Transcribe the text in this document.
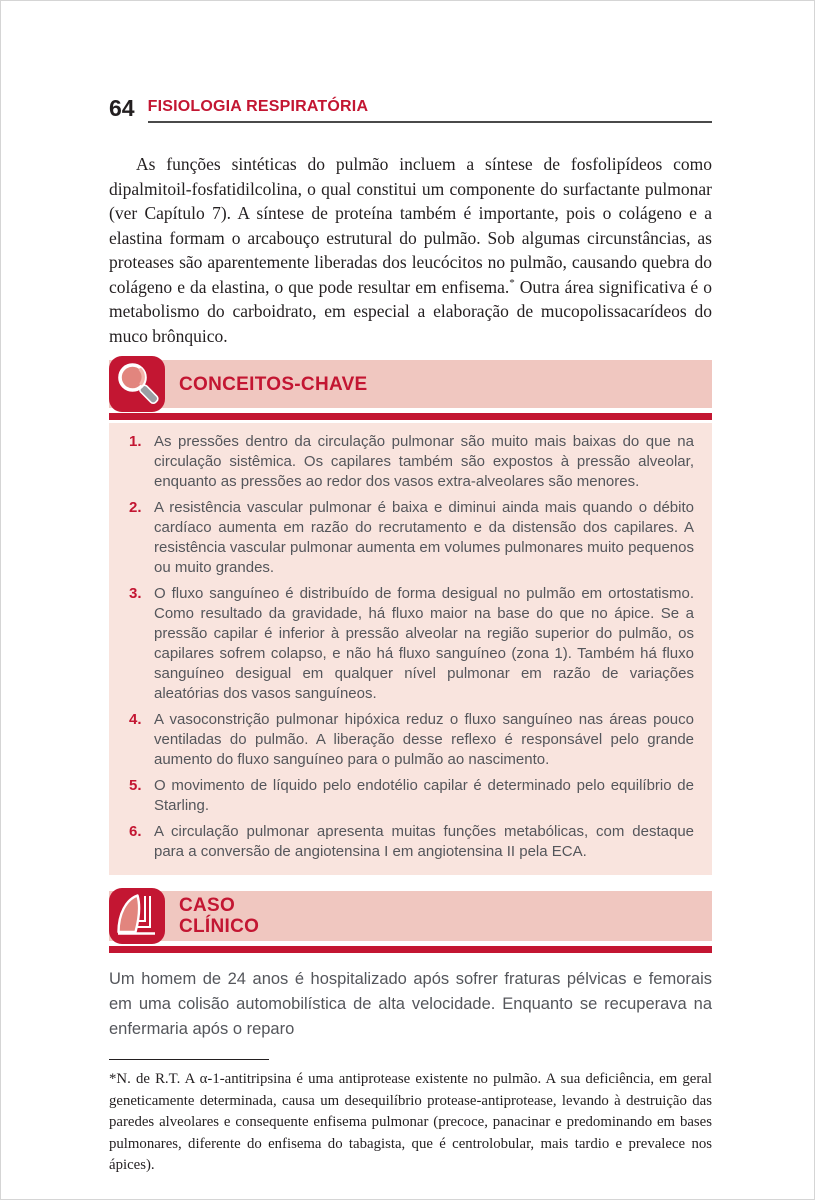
64 FISIOLOGIA RESPIRATÓRIA

As funções sintéticas do pulmão incluem a síntese de fosfolipídeos como dipalmitoil-fosfatidilcolina, o qual constitui um componente do surfactante pulmonar (ver Capítulo 7). A síntese de proteína também é importante, pois o colágeno e a elastina formam o arcabouço estrutural do pulmão. Sob algumas circunstâncias, as proteases são aparentemente liberadas dos leucócitos no pulmão, causando quebra do colágeno e da elastina, o que pode resultar em enfisema.* Outra área significativa é o metabolismo do carboidrato, em especial a elaboração de mucopolissacarídeos do muco brônquico.

CONCEITOS-CHAVE
1. As pressões dentro da circulação pulmonar são muito mais baixas do que na circulação sistêmica. Os capilares também são expostos à pressão alveolar, enquanto as pressões ao redor dos vasos extra-alveolares são menores.
2. A resistência vascular pulmonar é baixa e diminui ainda mais quando o débito cardíaco aumenta em razão do recrutamento e da distensão dos capilares. A resistência vascular pulmonar aumenta em volumes pulmonares muito pequenos ou muito grandes.
3. O fluxo sanguíneo é distribuído de forma desigual no pulmão em ortostatismo. Como resultado da gravidade, há fluxo maior na base do que no ápice. Se a pressão capilar é inferior à pressão alveolar na região superior do pulmão, os capilares sofrem colapso, e não há fluxo sanguíneo (zona 1). Também há fluxo sanguíneo desigual em qualquer nível pulmonar em razão de variações aleatórias dos vasos sanguíneos.
4. A vasoconstrição pulmonar hipóxica reduz o fluxo sanguíneo nas áreas pouco ventiladas do pulmão. A liberação desse reflexo é responsável pelo grande aumento do fluxo sanguíneo para o pulmão ao nascimento.
5. O movimento de líquido pelo endotélio capilar é determinado pelo equilíbrio de Starling.
6. A circulação pulmonar apresenta muitas funções metabólicas, com destaque para a conversão de angiotensina I em angiotensina II pela ECA.
CASO
CLÍNICO

Um homem de 24 anos é hospitalizado após sofrer fraturas pélvicas e femorais em uma colisão automobilística de alta velocidade. Enquanto se recuperava na enfermaria após o reparo

*N. de R.T. A α-1-antitripsina é uma antiprotease existente no pulmão. A sua deficiência, em geral geneticamente determinada, causa um desequilíbrio protease-antiprotease, levando à destruição das paredes alveolares e consequente enfisema pulmonar (precoce, panacinar e predominando em bases pulmonares, diferente do enfisema do tabagista, que é centrolobular, mais tardio e prevalece nos ápices).
